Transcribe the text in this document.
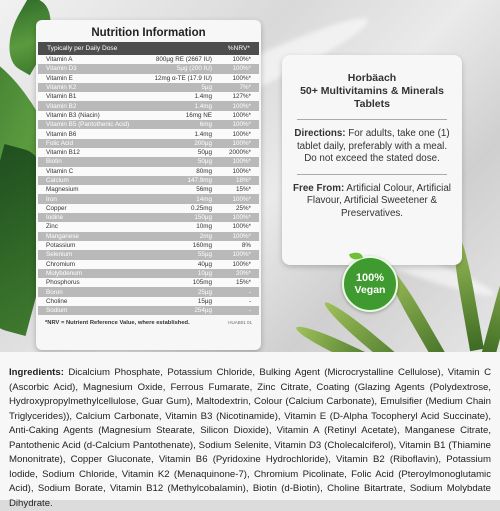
Nutrition Information
Typically per Daily Dose	%NRV*
Vitamin A	800µg RE (2667 IU)	100%*
Vitamin D3	5µg (200 IU)	100%*
Vitamin E	12mg α-TE (17.9 IU)	100%*
Vitamin K2	5µg	7%*
Vitamin B1	1.4mg	127%*
Vitamin B2	1.4mg	100%*
Vitamin B3 (Niacin)	16mg NE	100%*
Vitamin B5 (Pantothenic Acid)	6mg	100%*
Vitamin B6	1.4mg	100%*
Folic Acid	200µg	100%*
Vitamin B12	50µg	2000%*
Biotin	50µg	100%*
Vitamin C	80mg	100%*
Calcium	147.9mg	18%*
Magnesium	56mg	15%*
Iron	14mg	100%*
Copper	0.25mg	25%*
Iodine	150µg	100%*
Zinc	10mg	100%*
Manganese	2mg	100%*
Potassium	160mg	8%
Selenium	55µg	100%*
Chromium	40µg	100%*
Molybdenum	10µg	20%*
Phosphorus	105mg	15%*
Boron	25µg	-
Choline	15µg	-
Sodium	254µg	-
*NRV = Nutrient Reference Value, where established.	HUAB01 01
Horbäach
50+ Multivitamins & Minerals
Tablets
Directions: For adults, take one (1) tablet daily, preferably with a meal. Do not exceed the stated dose.
Free From: Artificial Colour, Artificial Flavour, Artificial Sweetener & Preservatives.
100%
Vegan
Ingredients: Dicalcium Phosphate, Potassium Chloride, Bulking Agent (Microcrystalline Cellulose), Vitamin C (Ascorbic Acid), Magnesium Oxide, Ferrous Fumarate, Zinc Citrate, Coating (Glazing Agents (Polydextrose, Hydroxypropylmethylcellulose, Guar Gum), Maltodextrin, Colour (Calcium Carbonate), Emulsifier (Medium Chain Triglycerides)), Calcium Carbonate, Vitamin B3 (Nicotinamide), Vitamin E (D-Alpha Tocopheryl Acid Succinate), Anti-Caking Agents (Magnesium Stearate, Silicon Dioxide), Vitamin A (Retinyl Acetate), Manganese Citrate, Pantothenic Acid (d-Calcium Pantothenate), Sodium Selenite, Vitamin D3 (Cholecalciferol), Vitamin B1 (Thiamine Mononitrate), Copper Gluconate, Vitamin B6 (Pyridoxine Hydrochloride), Vitamin B2 (Riboflavin), Potassium Iodide, Sodium Chloride, Vitamin K2 (Menaquinone-7), Chromium Picolinate, Folic Acid (Pteroylmonoglutamic Acid), Sodium Borate, Vitamin B12 (Methylcobalamin), Biotin (d-Biotin), Choline Bitartrate, Sodium Molybdate Dihydrate.
